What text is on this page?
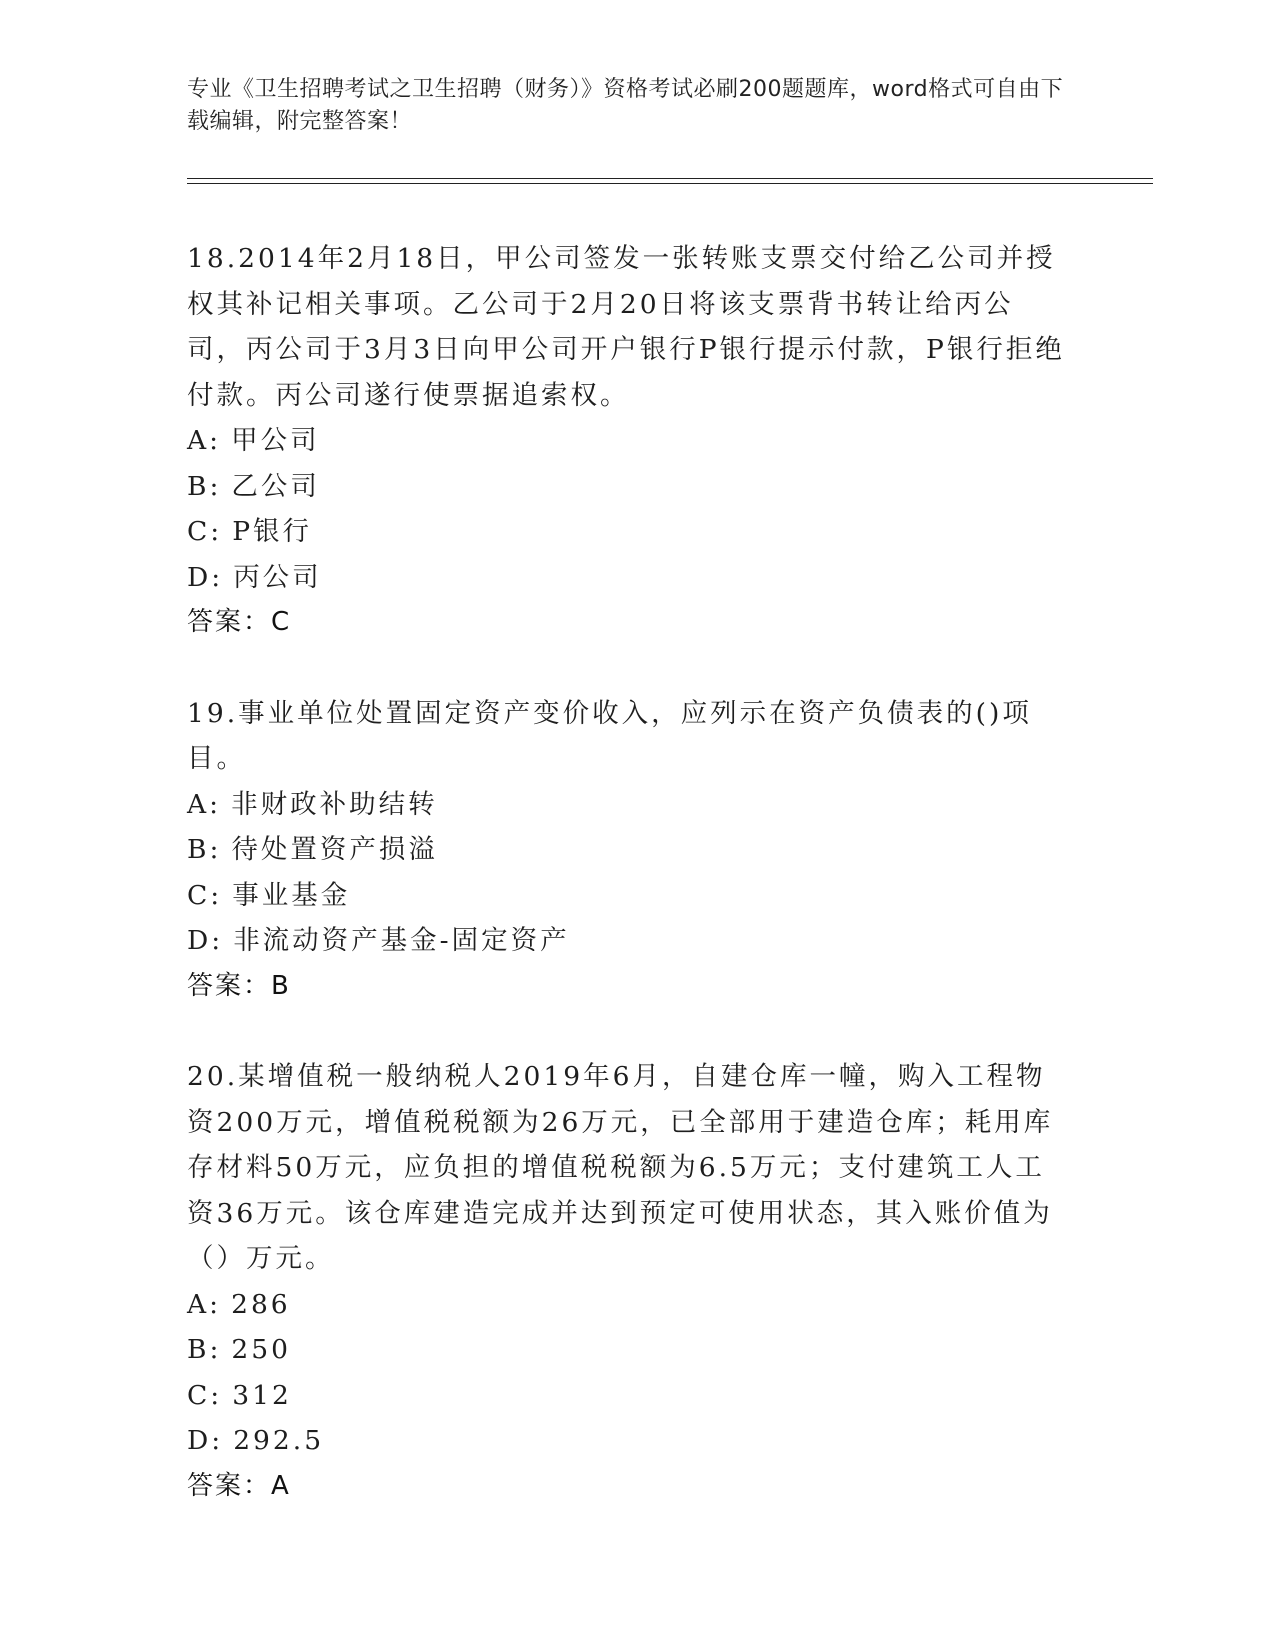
专业《卫生招聘考试之卫生招聘（财务）》资格考试必刷200题题库，word格式可自由下载编辑，附完整答案！

18.2014年2月18日，甲公司签发一张转账支票交付给乙公司并授权其补记相关事项。乙公司于2月20日将该支票背书转让给丙公司，丙公司于3月3日向甲公司开户银行P银行提示付款，P银行拒绝付款。丙公司遂行使票据追索权。

A: 甲公司

B: 乙公司

C: P银行

D: 丙公司

答案：C

19.事业单位处置固定资产变价收入，应列示在资产负债表的()项目。

A: 非财政补助结转

B: 待处置资产损溢

C: 事业基金

D: 非流动资产基金-固定资产

答案：B

20.某增值税一般纳税人2019年6月，自建仓库一幢，购入工程物资200万元，增值税税额为26万元，已全部用于建造仓库；耗用库存材料50万元，应负担的增值税税额为6.5万元；支付建筑工人工资36万元。该仓库建造完成并达到预定可使用状态，其入账价值为（）万元。

A: 286

B: 250

C: 312

D: 292.5

答案：A
